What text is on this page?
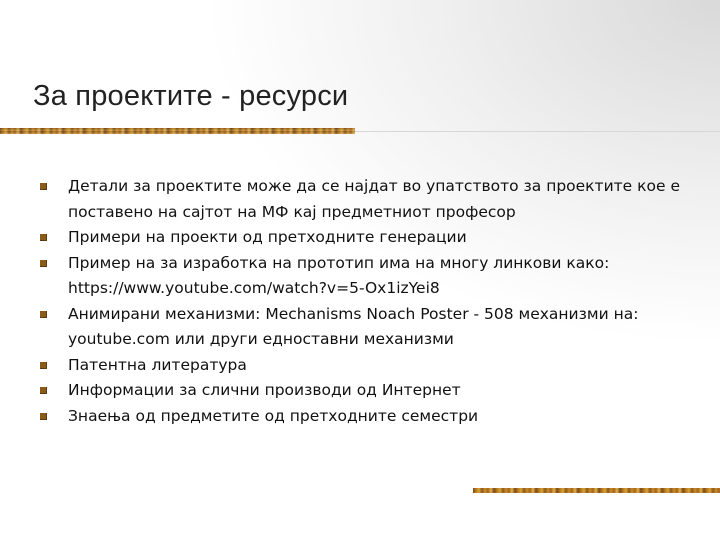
За проектите - ресурси
Детали за проектите може да се најдат во упатството за проектите кое е поставено на сајтот на МФ кај предметниот професор
Примери на проекти од претходните генерации
Пример на за изработка на прототип има на многу линкови како: https://www.youtube.com/watch?v=5-Ox1izYei8
Анимирани механизми: Mechanisms Noach Poster - 508 механизми на: youtube.com или други едноставни механизми
Патентна литература
Информации за слични производи од Интернет
Знаења од предметите од претходните семестри
